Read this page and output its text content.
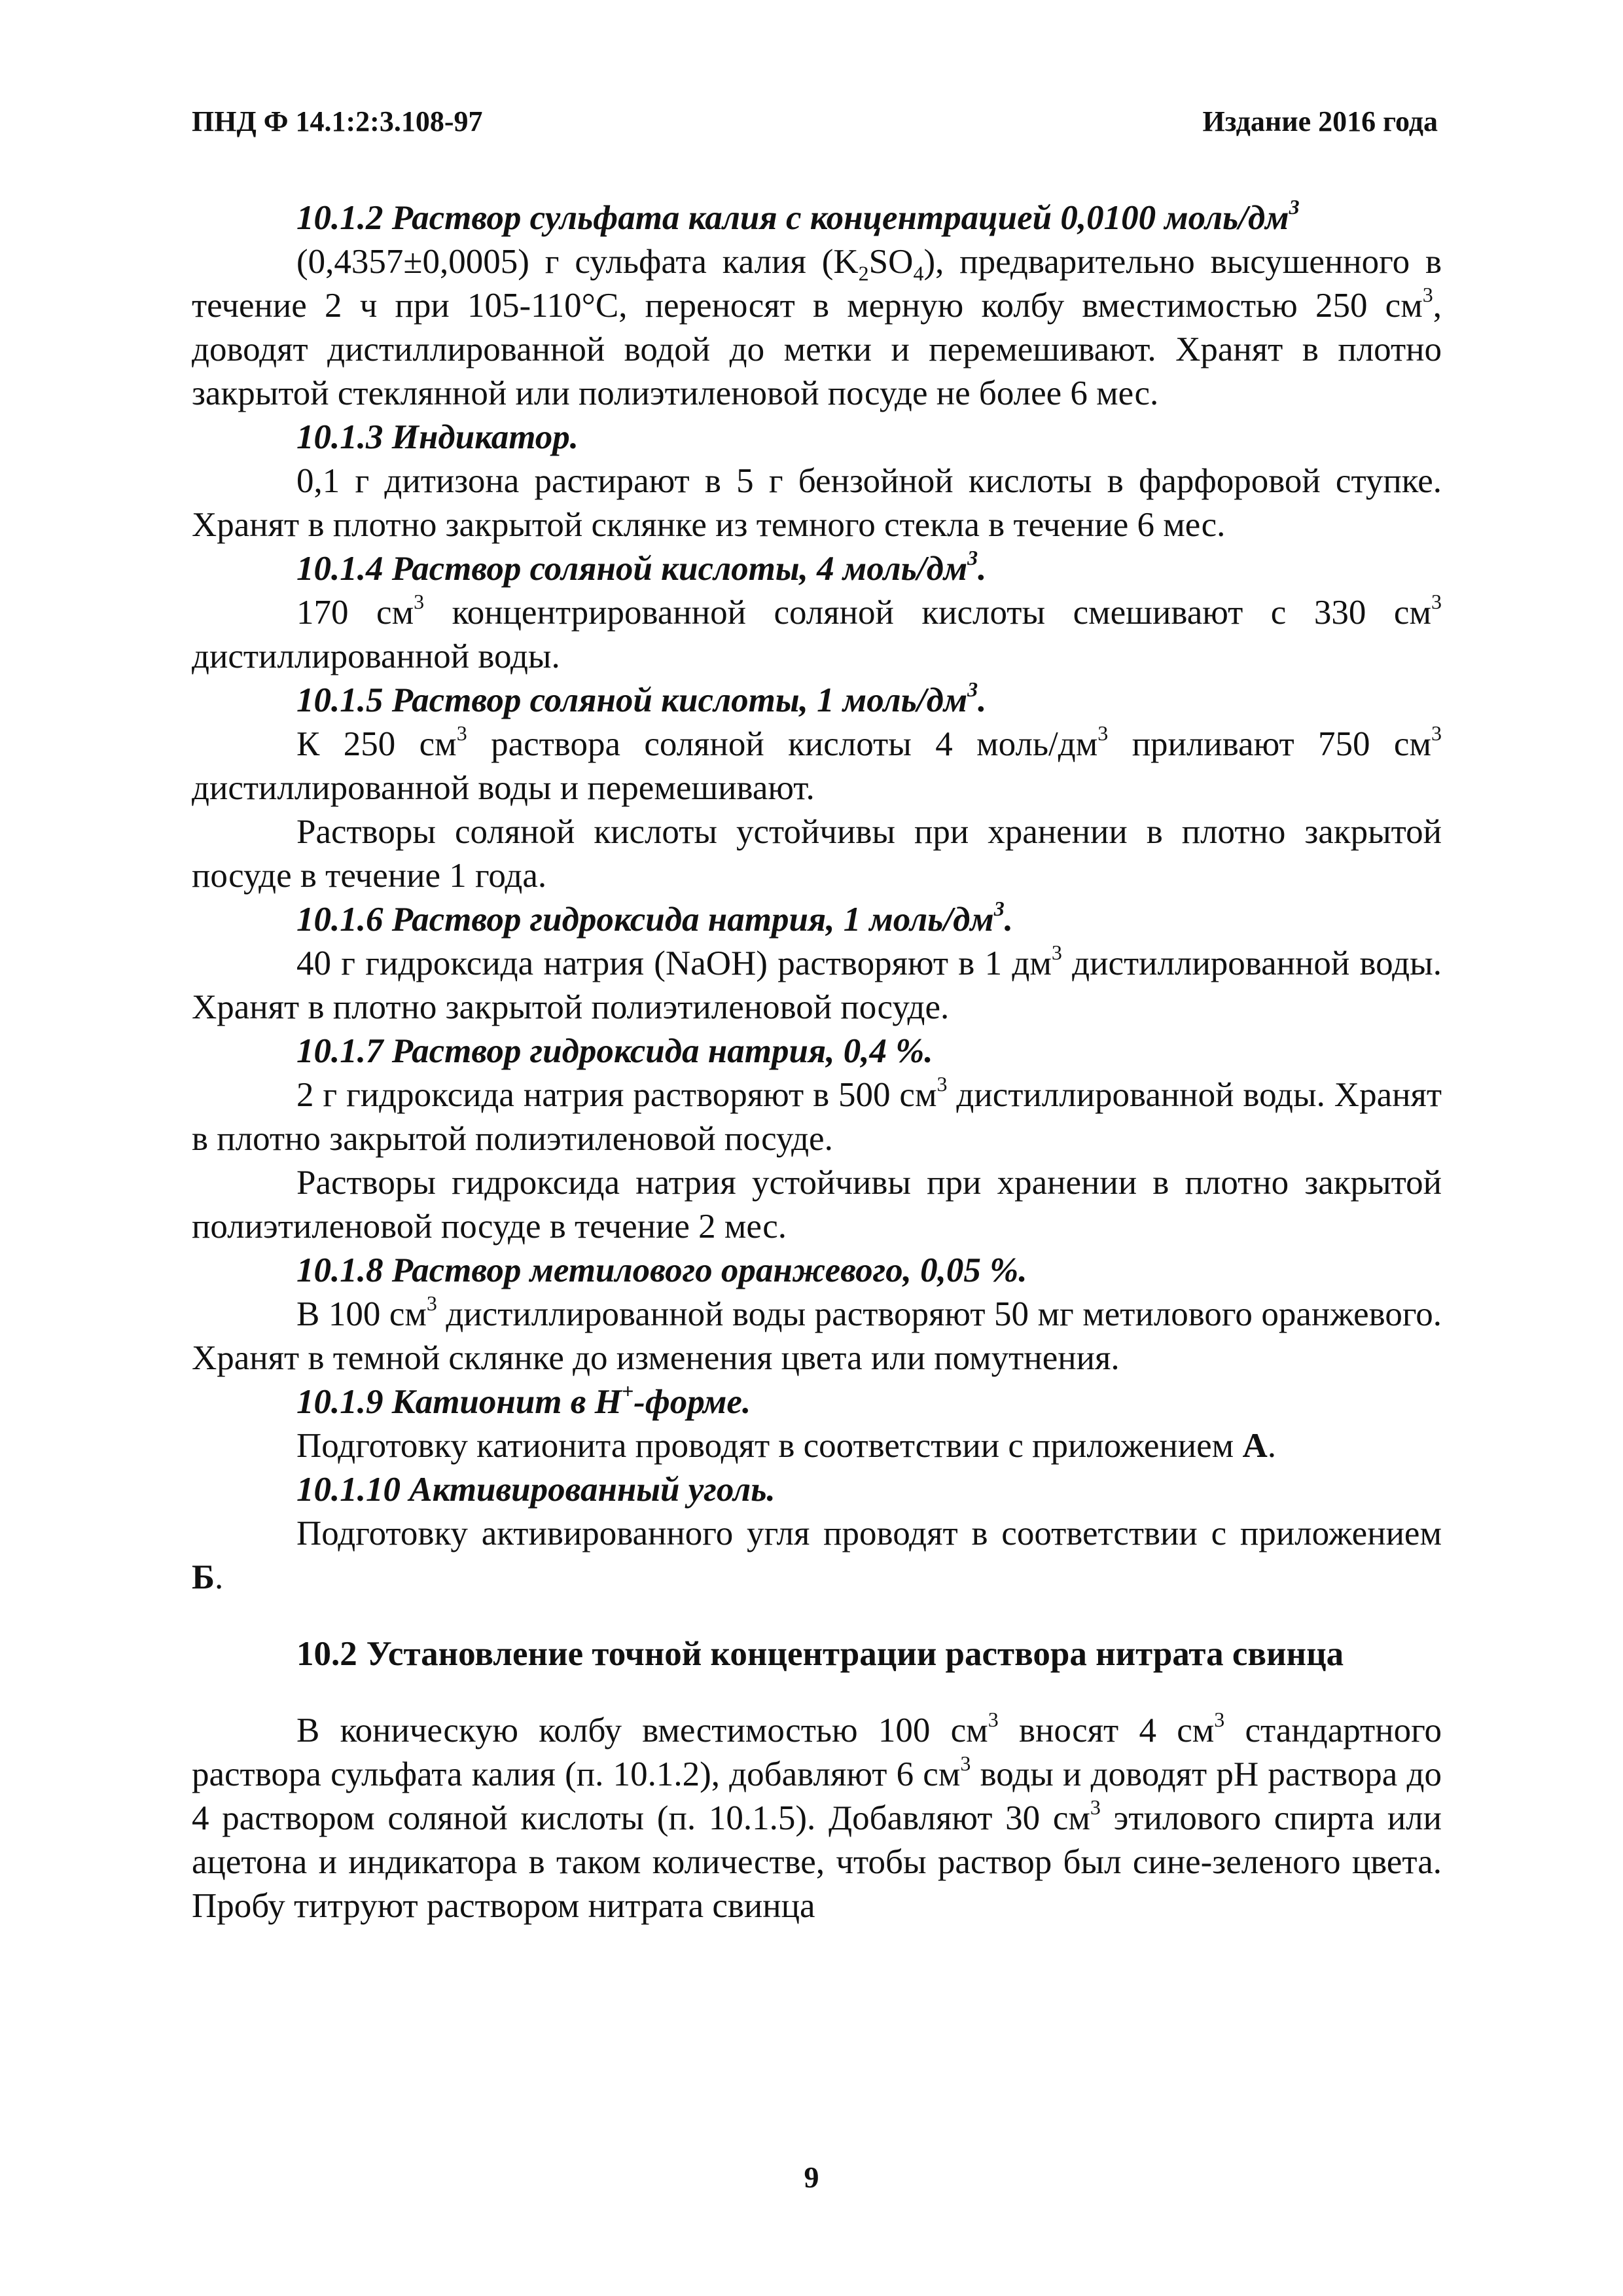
ПНД Ф 14.1:2:3.108-97	Издание 2016 года

10.1.2 Раствор сульфата калия с концентрацией 0,0100 моль/$дм^3$

(0,4357±0,0005) г сульфата калия $(K_2SO_4)$, предварительно высушенного в течение 2 ч при 105-110°С, переносят в мерную колбу вместимостью 250 $см^3$, доводят дистиллированной водой до метки и перемешивают. Хранят в плотно закрытой стеклянной или полиэтиленовой посуде не более 6 мес.

10.1.3 Индикатор.

0,1 г дитизона растирают в 5 г бензойной кислоты в фарфоровой ступке. Хранят в плотно закрытой склянке из темного стекла в течение 6 мес.

10.1.4 Раствор соляной кислоты, 4 моль/$дм^3$.

170 $см^3$ концентрированной соляной кислоты смешивают с 330 $см^3$ дистиллированной воды.

10.1.5 Раствор соляной кислоты, 1 моль/$дм^3$.

К 250 $см^3$ раствора соляной кислоты 4 моль/$дм^3$ приливают 750 $см^3$ дистиллированной воды и перемешивают.

Растворы соляной кислоты устойчивы при хранении в плотно закрытой посуде в течение 1 года.

10.1.6 Раствор гидроксида натрия, 1 моль/$дм^3$.

40 г гидроксида натрия (NaOH) растворяют в 1 $дм^3$ дистиллированной воды. Хранят в плотно закрытой полиэтиленовой посуде.

10.1.7 Раствор гидроксида натрия, 0,4 %.

2 г гидроксида натрия растворяют в 500 $см^3$ дистиллированной воды. Хранят в плотно закрытой полиэтиленовой посуде.

Растворы гидроксида натрия устойчивы при хранении в плотно закрытой полиэтиленовой посуде в течение 2 мес.

10.1.8 Раствор метилового оранжевого, 0,05 %.

В 100 $см^3$ дистиллированной воды растворяют 50 мг метилового оранжевого. Хранят в темной склянке до изменения цвета или помутнения.

10.1.9 Катионит в H+-форме.

Подготовку катионита проводят в соответствии с приложением А.

10.1.10 Активированный уголь.

Подготовку активированного угля проводят в соответствии с приложением Б.

10.2 Установление точной концентрации раствора нитрата свинца

В коническую колбу вместимостью 100 $см^3$ вносят 4 $см^3$ стандартного раствора сульфата калия (п. 10.1.2), добавляют 6 $см^3$ воды и доводят pH раствора до 4 раствором соляной кислоты (п. 10.1.5). Добавляют 30 $см^3$ этилового спирта или ацетона и индикатора в таком количестве, чтобы раствор был сине-зеленого цвета. Пробу титруют раствором нитрата свинца

9
